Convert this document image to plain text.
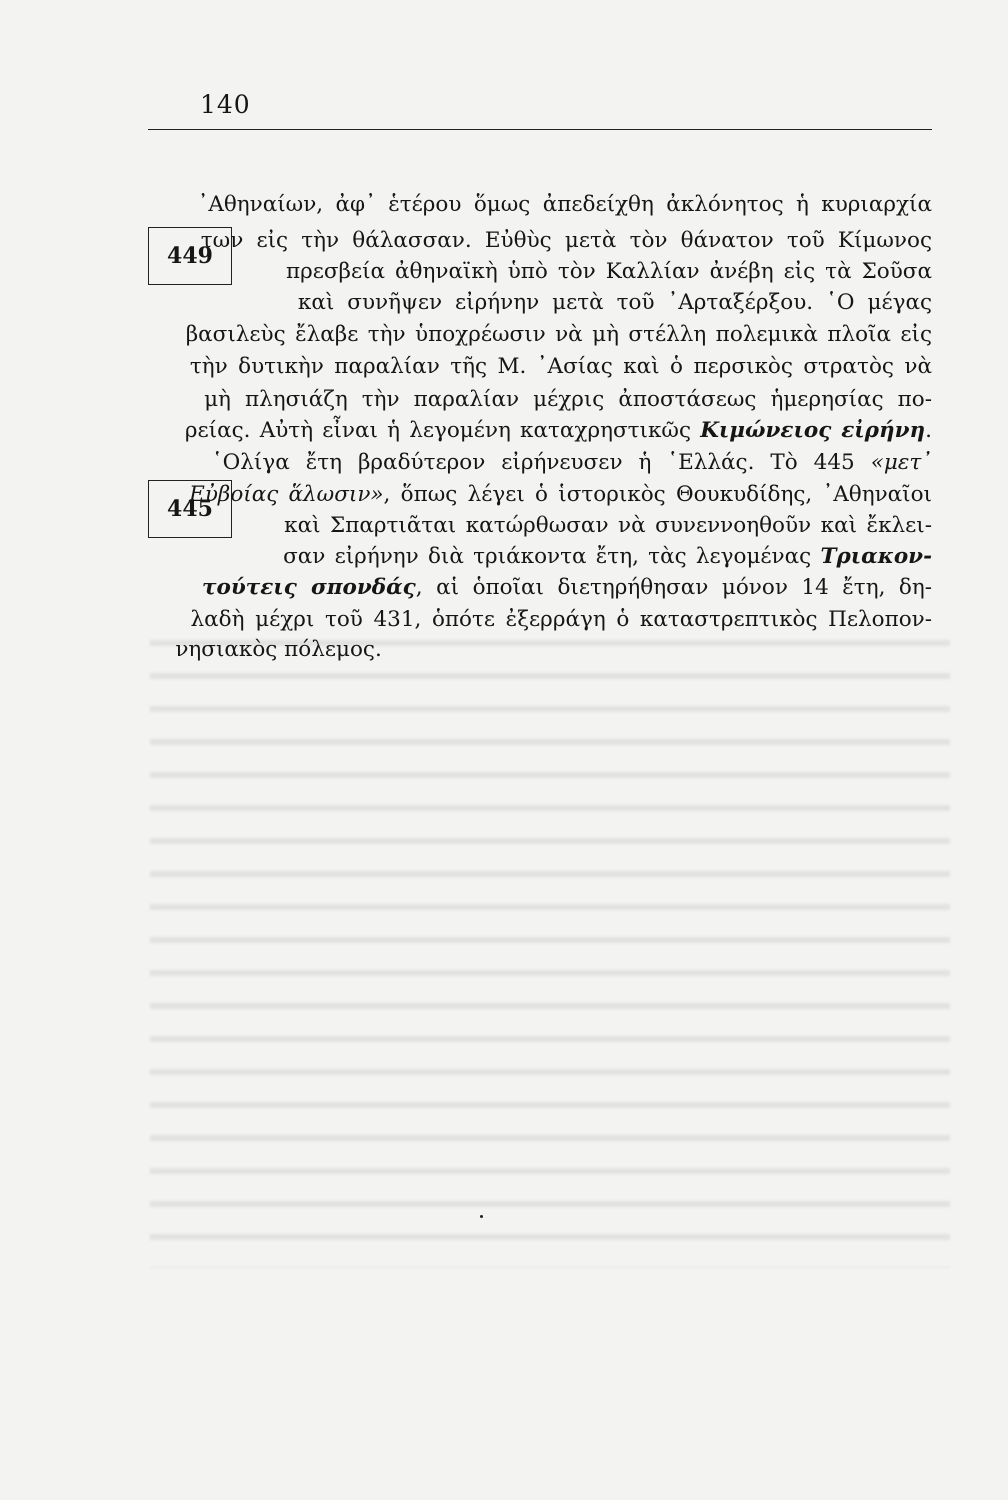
140
449
445

᾿Αθηναίων, ἀφ᾿ ἑτέρου ὅμως ἀπεδείχθη ἀκλόνητος ἡ κυριαρχία

των εἰς τὴν θάλασσαν. Εὐθὺς μετὰ τὸν θάνατον τοῦ Κίμωνος

πρεσβεία ἀθηναϊκὴ ὑπὸ τὸν Καλλίαν ἀνέβη εἰς τὰ Σοῦσα

καὶ συνῆψεν εἰρήνην μετὰ τοῦ ᾿Αρταξέρξου. ῾Ο μέγας

βασιλεὺς ἔλαβε τὴν ὑποχρέωσιν νὰ μὴ στέλλη πολεμικὰ πλοῖα εἰς

τὴν δυτικὴν παραλίαν τῆς Μ. ᾿Ασίας καὶ ὁ περσικὸς στρατὸς νὰ

μὴ πλησιάζη τὴν παραλίαν μέχρις ἀποστάσεως ἡμερησίας πο-

ρείας. Αὐτὴ εἶναι ἡ λεγομένη καταχρηστικῶς Κιμώνειος εἰρήνη.

῾Ολίγα ἔτη βραδύτερον εἰρήνευσεν ἡ ῾Ελλάς. Τὸ 445 «μετ᾿

Εὐβοίας ἅλωσιν», ὅπως λέγει ὁ ἱστορικὸς Θουκυδίδης, ᾿Αθηναῖοι

καὶ Σπαρτιᾶται κατώρθωσαν νὰ συνεννοηθοῦν καὶ ἔκλει-

σαν εἰρήνην διὰ τριάκοντα ἔτη, τὰς λεγομένας Τριακον-

τούτεις σπονδάς, αἱ ὁποῖαι διετηρήθησαν μόνον 14 ἔτη, δη-

λαδὴ μέχρι τοῦ 431, ὁπότε ἐξερράγη ὁ καταστρεπτικὸς Πελοπον-

νησιακὸς πόλεμος.
